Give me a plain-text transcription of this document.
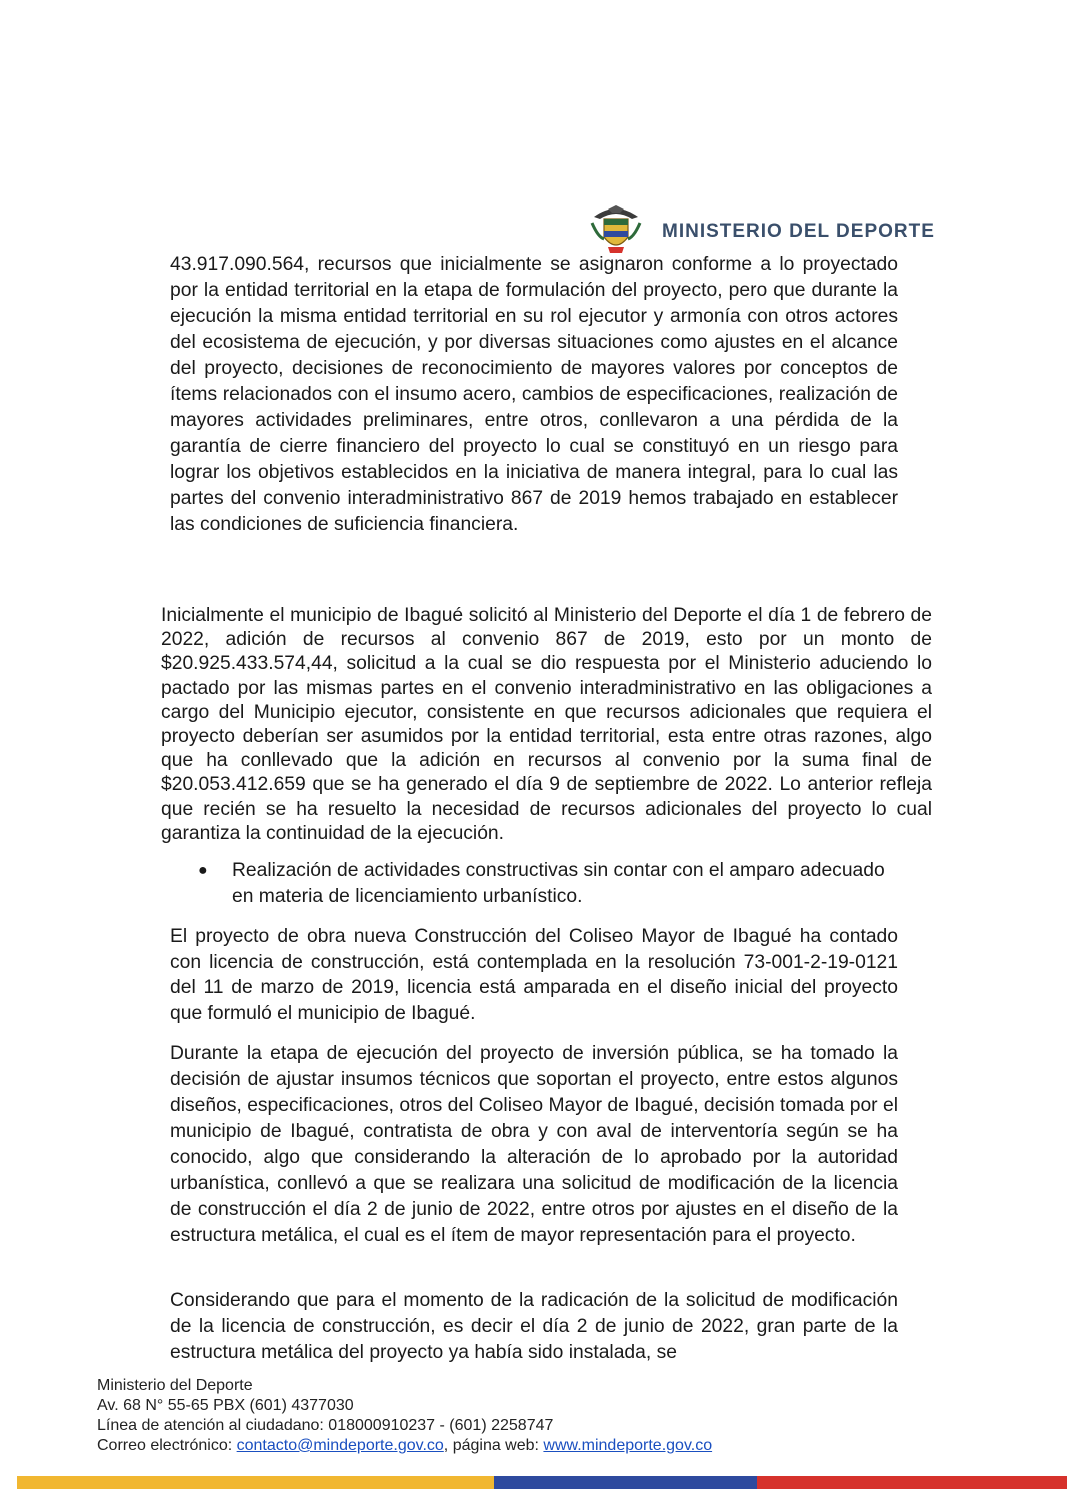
MINISTERIO DEL DEPORTE

43.917.090.564, recursos que inicialmente se asignaron conforme a lo proyectado por la entidad territorial en la etapa de formulación del proyecto, pero que durante la ejecución la misma entidad territorial en su rol ejecutor y armonía con otros actores del ecosistema de ejecución, y por diversas situaciones como ajustes en el alcance del proyecto, decisiones de reconocimiento de mayores valores por conceptos de ítems relacionados con el insumo acero, cambios de especificaciones, realización de mayores actividades preliminares, entre otros, conllevaron a una pérdida de la garantía de cierre financiero del proyecto lo cual se constituyó en un riesgo para lograr los objetivos establecidos en la iniciativa de manera integral, para lo cual las partes del convenio interadministrativo 867 de 2019 hemos trabajado en establecer las condiciones de suficiencia financiera.

Inicialmente el municipio de Ibagué solicitó al Ministerio del Deporte el día 1 de febrero de 2022, adición de recursos al convenio 867 de 2019, esto por un monto de $20.925.433.574,44, solicitud a la cual se dio respuesta por el Ministerio aduciendo lo pactado por las mismas partes en el convenio interadministrativo en las obligaciones a cargo del Municipio ejecutor, consistente en que recursos adicionales que requiera el proyecto deberían ser asumidos por la entidad territorial, esta entre otras razones, algo que ha conllevado que la adición en recursos al convenio por la suma final de $20.053.412.659 que se ha generado el día 9 de septiembre de 2022. Lo anterior refleja que recién se ha resuelto la necesidad de recursos adicionales del proyecto lo cual garantiza la continuidad de la ejecución.

●	Realización de actividades constructivas sin contar con el amparo adecuado en materia de licenciamiento urbanístico.

El proyecto de obra nueva Construcción del Coliseo Mayor de Ibagué ha contado con licencia de construcción, está contemplada en la resolución 73-001-2-19-0121 del 11 de marzo de 2019, licencia está amparada en el diseño inicial del proyecto que formuló el municipio de Ibagué.

Durante la etapa de ejecución del proyecto de inversión pública, se ha tomado la decisión de ajustar insumos técnicos que soportan el proyecto, entre estos algunos diseños, especificaciones, otros del Coliseo Mayor de Ibagué, decisión tomada por el municipio de Ibagué, contratista de obra y con aval de interventoría según se ha conocido, algo que considerando la alteración de lo aprobado por la autoridad urbanística, conllevó a que se realizara una solicitud de modificación de la licencia de construcción el día 2 de junio de 2022, entre otros por ajustes en el diseño de la estructura metálica, el cual es el ítem de mayor representación para el proyecto.

Considerando que para el momento de la radicación de la solicitud de modificación de la licencia de construcción, es decir el día 2 de junio de 2022, gran parte de la estructura metálica del proyecto ya había sido instalada, se

Ministerio del Deporte
Av. 68 N° 55-65 PBX (601) 4377030
Línea de atención al ciudadano: 018000910237 - (601) 2258747
Correo electrónico: contacto@mindeporte.gov.co, página web: www.mindeporte.gov.co
